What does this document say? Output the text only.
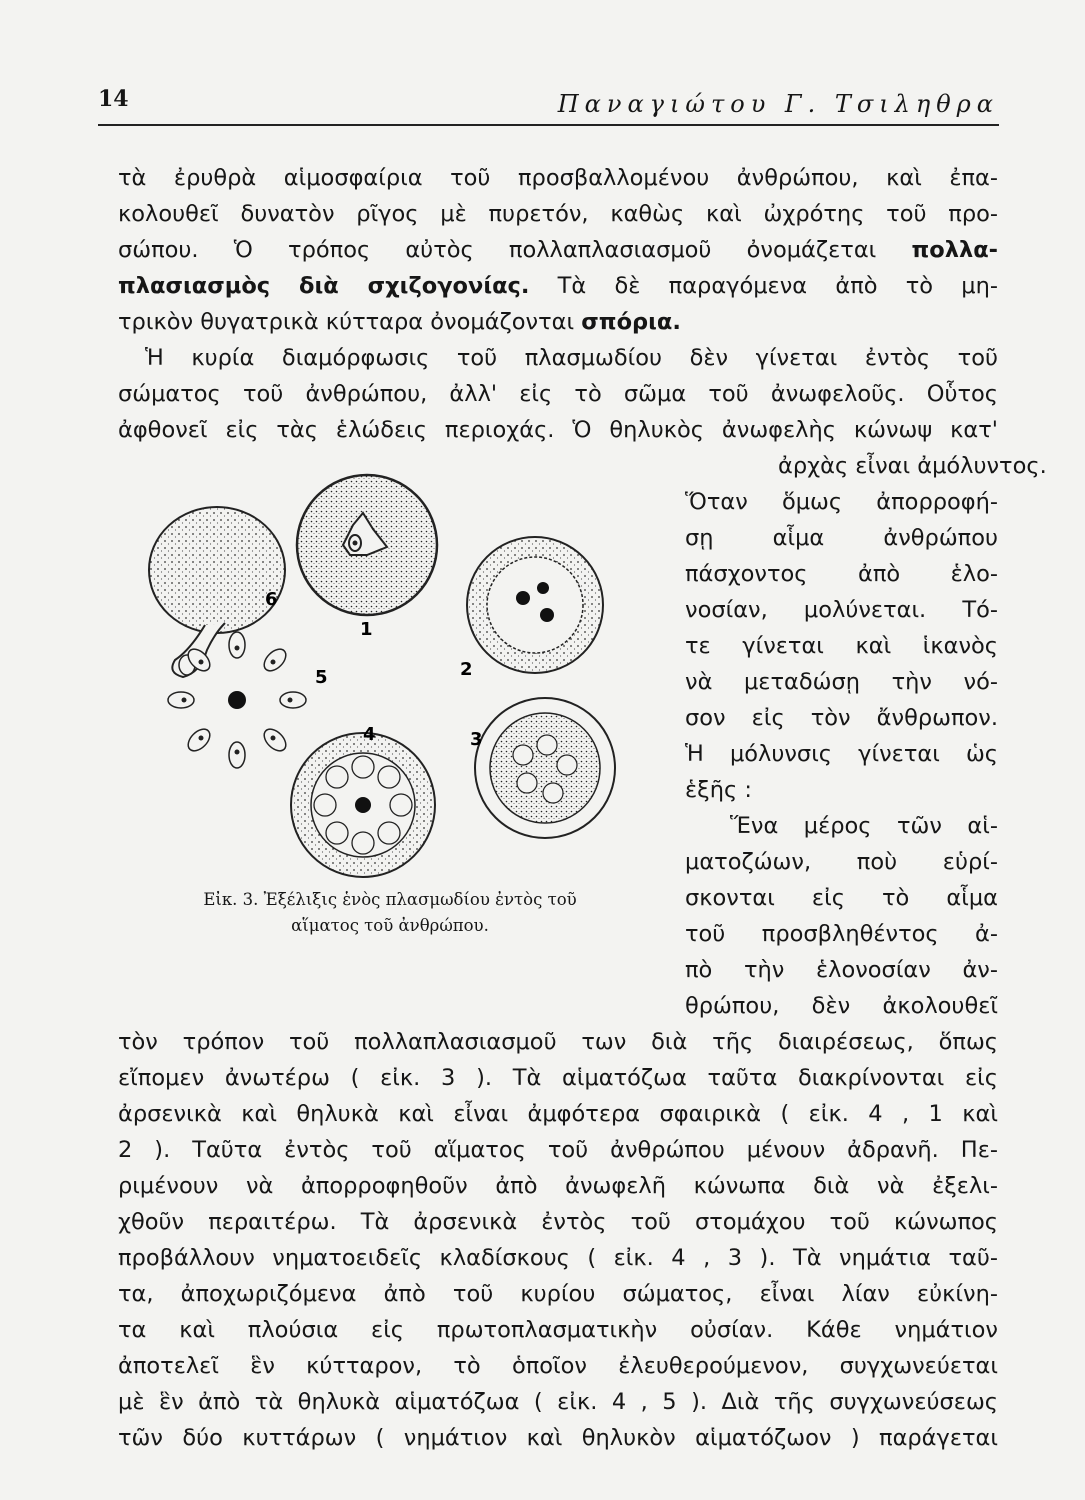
14	Παναγιώτου Γ. Τσιληθρα
τὰ ἐρυθρὰ αἱμοσφαίρια τοῦ προσβαλλομένου ἀνθρώπου, καὶ ἐπα-
κολουθεῖ δυνατὸν ρῖγος μὲ πυρετόν, καθὼς καὶ ὠχρότης τοῦ προ-
σώπου. Ὁ τρόπος αὐτὸς πολλαπλασιασμοῦ ὀνομάζεται πολλα-
πλασιασμὸς διὰ σχιζογονίας. Τὰ δὲ παραγόμενα ἀπὸ τὸ μη-
τρικὸν θυγατρικὰ κύτταρα ὀνομάζονται σπόρια.
Ἡ κυρία διαμόρφωσις τοῦ πλασμωδίου δὲν γίνεται ἐντὸς τοῦ
σώματος τοῦ ἀνθρώπου, ἀλλ' εἰς τὸ σῶμα τοῦ ἀνωφελοῦς. Οὗτος
ἀφθονεῖ εἰς τὰς ἑλώδεις περιοχάς. Ὁ θηλυκὸς ἀνωφελὴς κώνωψ κατ'
ἀρχὰς εἶναι ἀμόλυντος.
Ὅταν ὅμως ἀπορροφή-
σῃ αἷμα ἀνθρώπου
πάσχοντος ἀπὸ ἑλο-
νοσίαν, μολύνεται. Τό-
τε γίνεται καὶ ἱκανὸς
νὰ μεταδώσῃ τὴν νό-
σον εἰς τὸν ἄνθρωπον.
Ἡ μόλυνσις γίνεται ὡς
ἑξῆς :
Ἕνα μέρος τῶν αἱ-
ματοζώων, ποὺ εὑρί-
σκονται εἰς τὸ αἷμα
τοῦ προσβληθέντος ἀ-
πὸ τὴν ἑλονοσίαν ἀν-
θρώπου, δὲν ἀκολουθεῖ
1
2
3
4
5
6
Εἰκ. 3. Ἐξέλιξις ἑνὸς πλασμωδίου ἐντὸς τοῦ
αἵματος τοῦ ἀνθρώπου.
τὸν τρόπον τοῦ πολλαπλασιασμοῦ των διὰ τῆς διαιρέσεως, ὅπως
εἴπομεν ἀνωτέρω ( εἰκ. 3 ). Τὰ αἱματόζωα ταῦτα διακρίνονται εἰς
ἀρσενικὰ καὶ θηλυκὰ καὶ εἶναι ἀμφότερα σφαιρικὰ ( εἰκ. 4 , 1 καὶ
2 ). Ταῦτα ἐντὸς τοῦ αἵματος τοῦ ἀνθρώπου μένουν ἀδρανῆ. Πε-
ριμένουν νὰ ἀπορροφηθοῦν ἀπὸ ἀνωφελῆ κώνωπα διὰ νὰ ἐξελι-
χθοῦν περαιτέρω. Τὰ ἀρσενικὰ ἐντὸς τοῦ στομάχου τοῦ κώνωπος
προβάλλουν νηματοειδεῖς κλαδίσκους ( εἰκ. 4 , 3 ). Τὰ νημάτια ταῦ-
τα, ἀποχωριζόμενα ἀπὸ τοῦ κυρίου σώματος, εἶναι λίαν εὐκίνη-
τα καὶ πλούσια εἰς πρωτοπλασματικὴν οὐσίαν. Κάθε νημάτιον
ἀποτελεῖ ἓν κύτταρον, τὸ ὁποῖον ἐλευθερούμενον, συγχωνεύεται
μὲ ἓν ἀπὸ τὰ θηλυκὰ αἱματόζωα ( εἰκ. 4 , 5 ). Διὰ τῆς συγχωνεύσεως
τῶν δύο κυττάρων ( νημάτιον καὶ θηλυκὸν αἱματόζωον ) παράγεται
